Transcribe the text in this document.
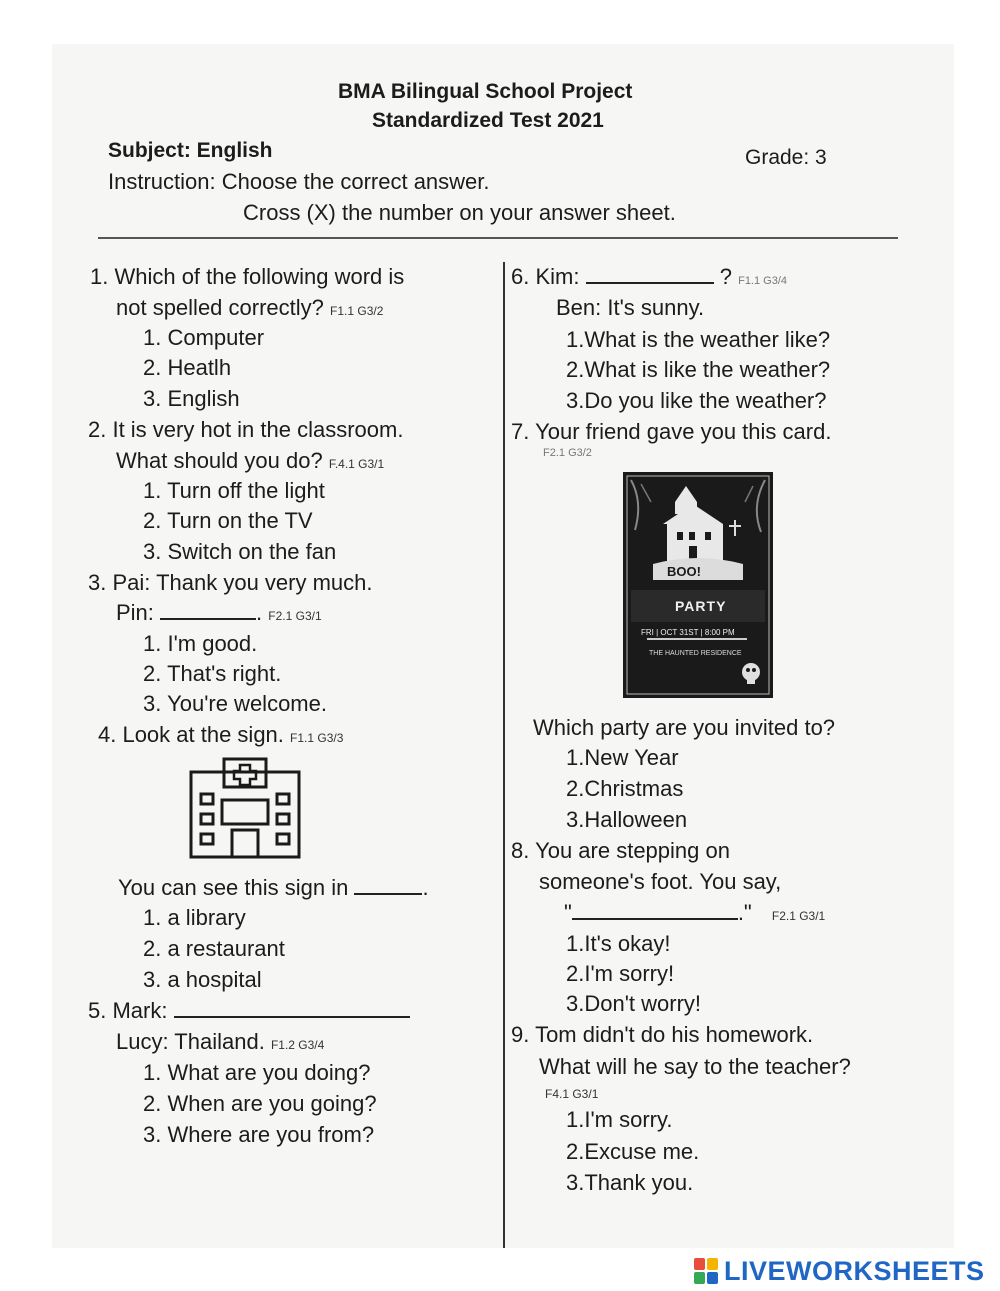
BMA Bilingual School Project
Standardized Test 2021
Subject: English	Grade: 3
Instruction: Choose the correct answer.
Cross (X) the number on your answer sheet.
1. Which of the following word is
not spelled correctly? F1.1 G3/2
1. Computer
2. Heatlh
3. English
2. It is very hot in the classroom.
What should you do? F.4.1 G3/1
1. Turn off the light
2. Turn on the TV
3. Switch on the fan
3. Pai: Thank you very much.
Pin:	. F2.1 G3/1
1. I'm good.
2. That's right.
3. You're welcome.
4. Look at the sign. F1.1 G3/3
You can see this sign in	.
1. a library
2. a restaurant
3. a hospital
5. Mark:
Lucy: Thailand. F1.2 G3/4
1. What are you doing?
2. When are you going?
3. Where are you from?
6. Kim:	? F1.1 G3/4
Ben: It's sunny.
1.What is the weather like?
2.What is like the weather?
3.Do you like the weather?
7. Your friend gave you this card.
F2.1 G3/2
BOO!
PARTY
FRI | OCT 31ST | 8:00 PM
THE HAUNTED RESIDENCE
Which party are you invited to?
1.New Year
2.Christmas
3.Halloween
8. You are stepping on
someone's foot. You say,
"	." F2.1 G3/1
1.It's okay!
2.I'm sorry!
3.Don't worry!
9. Tom didn't do his homework.
What will he say to the teacher?
F4.1 G3/1
1.I'm sorry.
2.Excuse me.
3.Thank you.
LIVEWORKSHEETS
